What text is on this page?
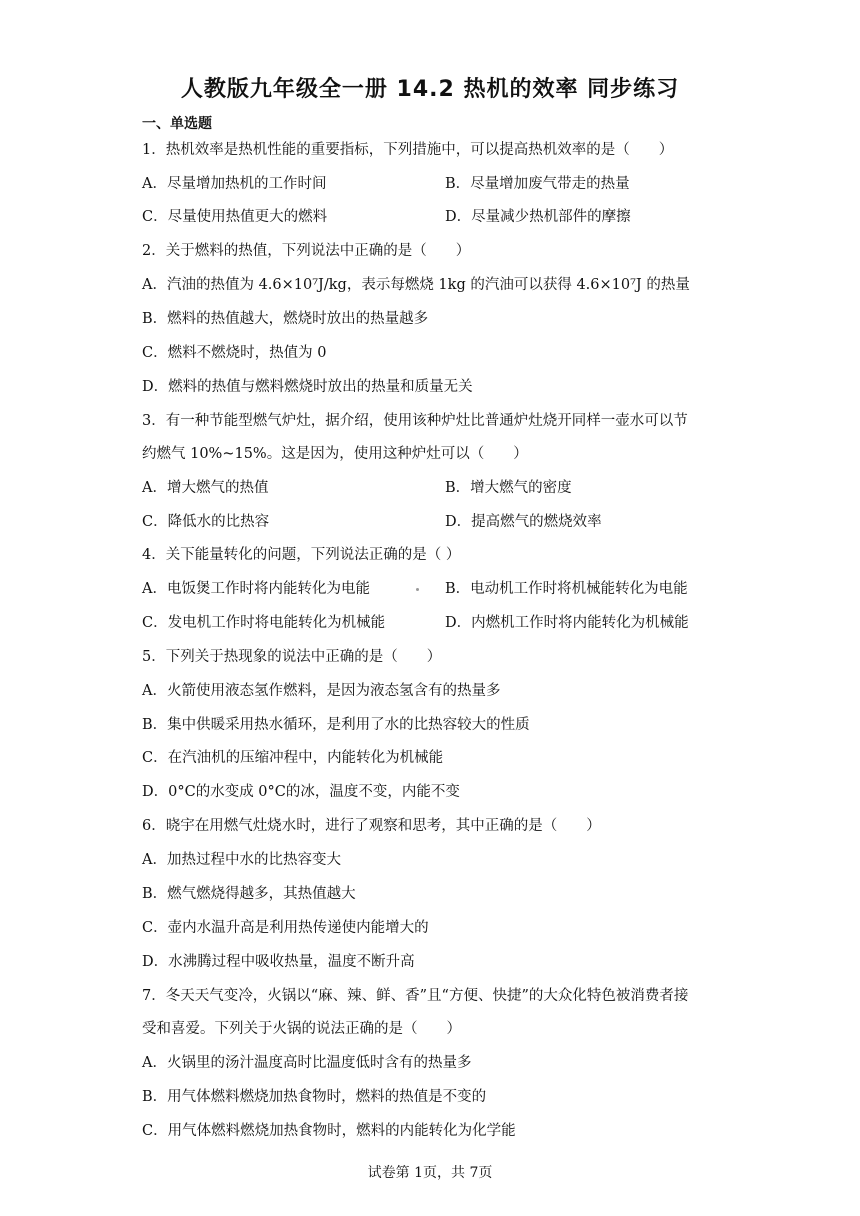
人教版九年级全一册 14.2 热机的效率 同步练习
一、单选题
1．热机效率是热机性能的重要指标，下列措施中，可以提高热机效率的是（　　）
A．尽量增加热机的工作时间	B．尽量增加废气带走的热量
C．尽量使用热值更大的燃料	D．尽量减少热机部件的摩擦
2．关于燃料的热值，下列说法中正确的是（　　）
A．汽油的热值为 4.6×10⁷J/kg，表示每燃烧 1kg 的汽油可以获得 4.6×10⁷J 的热量
B．燃料的热值越大，燃烧时放出的热量越多
C．燃料不燃烧时，热值为 0
D．燃料的热值与燃料燃烧时放出的热量和质量无关
3．有一种节能型燃气炉灶，据介绍，使用该种炉灶比普通炉灶烧开同样一壶水可以节
约燃气 10%~15%。这是因为，使用这种炉灶可以（　　）
A．增大燃气的热值	B．增大燃气的密度
C．降低水的比热容	D．提高燃气的燃烧效率
4．关下能量转化的问题，下列说法正确的是（ ）
A．电饭煲工作时将内能转化为电能	B．电动机工作时将机械能转化为电能
C．发电机工作时将电能转化为机械能	D．内燃机工作时将内能转化为机械能
5．下列关于热现象的说法中正确的是（　　）
A．火箭使用液态氢作燃料，是因为液态氢含有的热量多
B．集中供暖采用热水循环，是利用了水的比热容较大的性质
C．在汽油机的压缩冲程中，内能转化为机械能
D．0°C的水变成 0°C的冰，温度不变，内能不变
6．晓宇在用燃气灶烧水时，进行了观察和思考，其中正确的是（　　）
A．加热过程中水的比热容变大
B．燃气燃烧得越多，其热值越大
C．壶内水温升高是利用热传递使内能增大的
D．水沸腾过程中吸收热量，温度不断升高
7．冬天天气变冷，火锅以“麻、辣、鲜、香”且“方便、快捷”的大众化特色被消费者接
受和喜爱。下列关于火锅的说法正确的是（　　）
A．火锅里的汤汁温度高时比温度低时含有的热量多
B．用气体燃料燃烧加热食物时，燃料的热值是不变的
C．用气体燃料燃烧加热食物时，燃料的内能转化为化学能
试卷第 1页，共 7页
